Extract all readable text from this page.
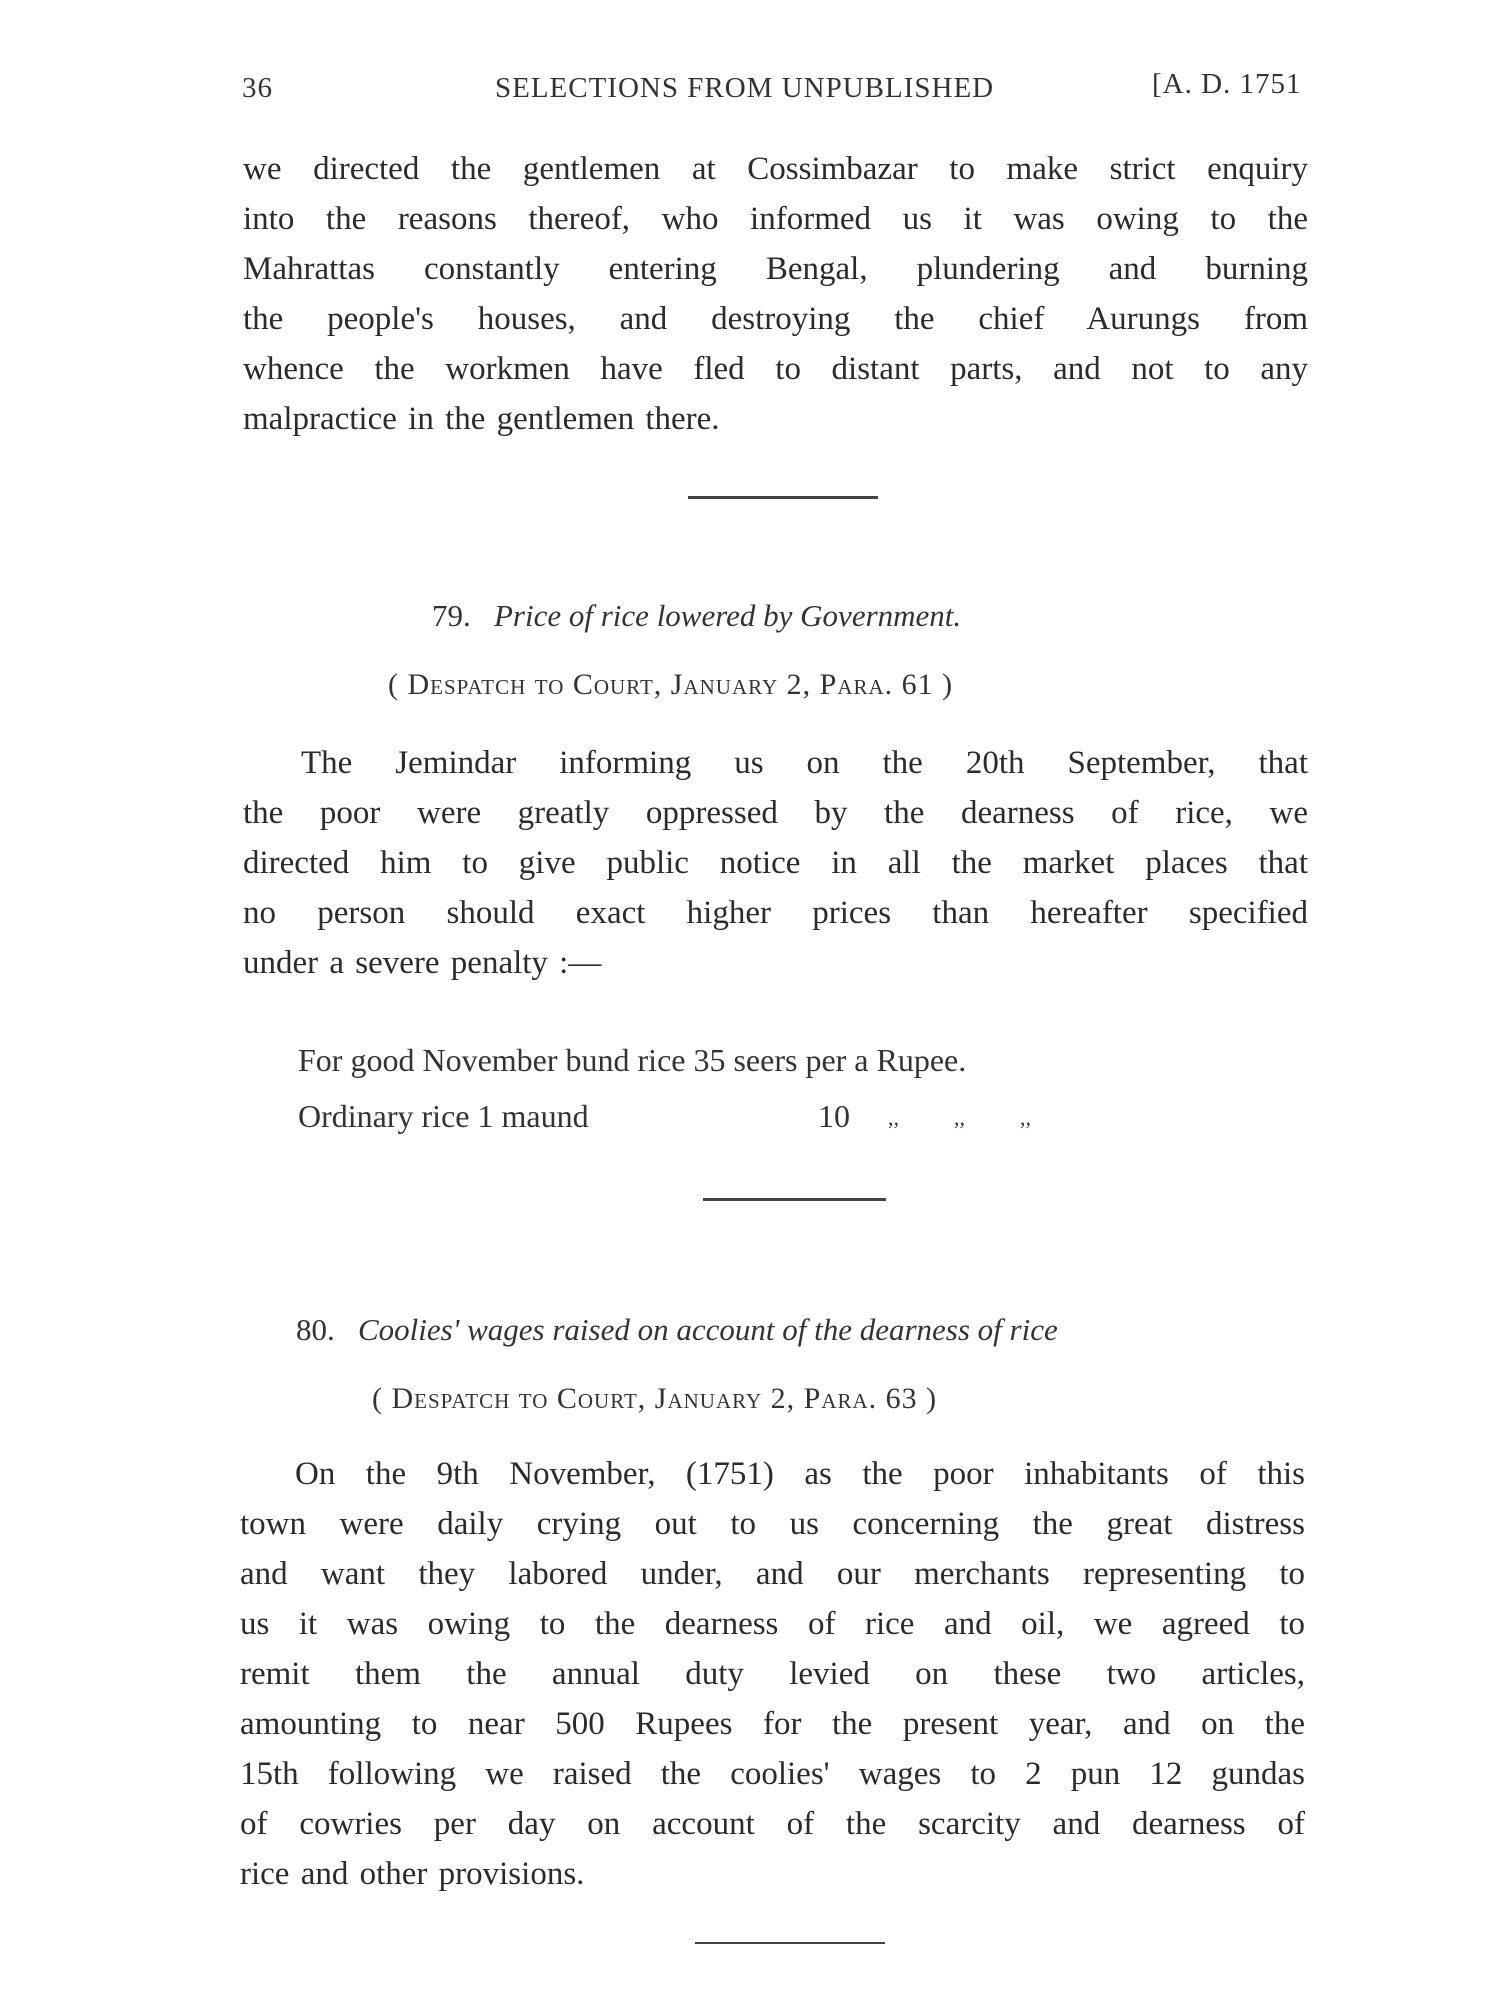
36	SELECTIONS FROM UNPUBLISHED	[A. D. 1751
we directed the gentlemen at Cossimbazar to make strict enquiry
into the reasons thereof, who informed us it was owing to the
Mahrattas constantly entering Bengal, plundering and burning
the people's houses, and destroying the chief Aurungs from
whence the workmen have fled to distant parts, and not to any
malpractice in the gentlemen there.
79. Price of rice lowered by Government.
( Despatch to Court, January 2, Para. 61 )
The Jemindar informing us on the 20th September, that
the poor were greatly oppressed by the dearness of rice, we
directed him to give public notice in all the market places that
no person should exact higher prices than hereafter specified
under a severe penalty :—
For good November bund rice 35 seers per a Rupee.
Ordinary rice 1 maund	10 ,,          ,,          ,,
80. Coolies' wages raised on account of the dearness of rice
( Despatch to Court, January 2, Para. 63 )
On the 9th November, (1751) as the poor inhabitants of this
town were daily crying out to us concerning the great distress
and want they labored under, and our merchants representing to
us it was owing to the dearness of rice and oil, we agreed to
remit them the annual duty levied on these two articles,
amounting to near 500 Rupees for the present year, and on the
15th following we raised the coolies' wages to 2 pun 12 gundas
of cowries per day on account of the scarcity and dearness of
rice and other provisions.
